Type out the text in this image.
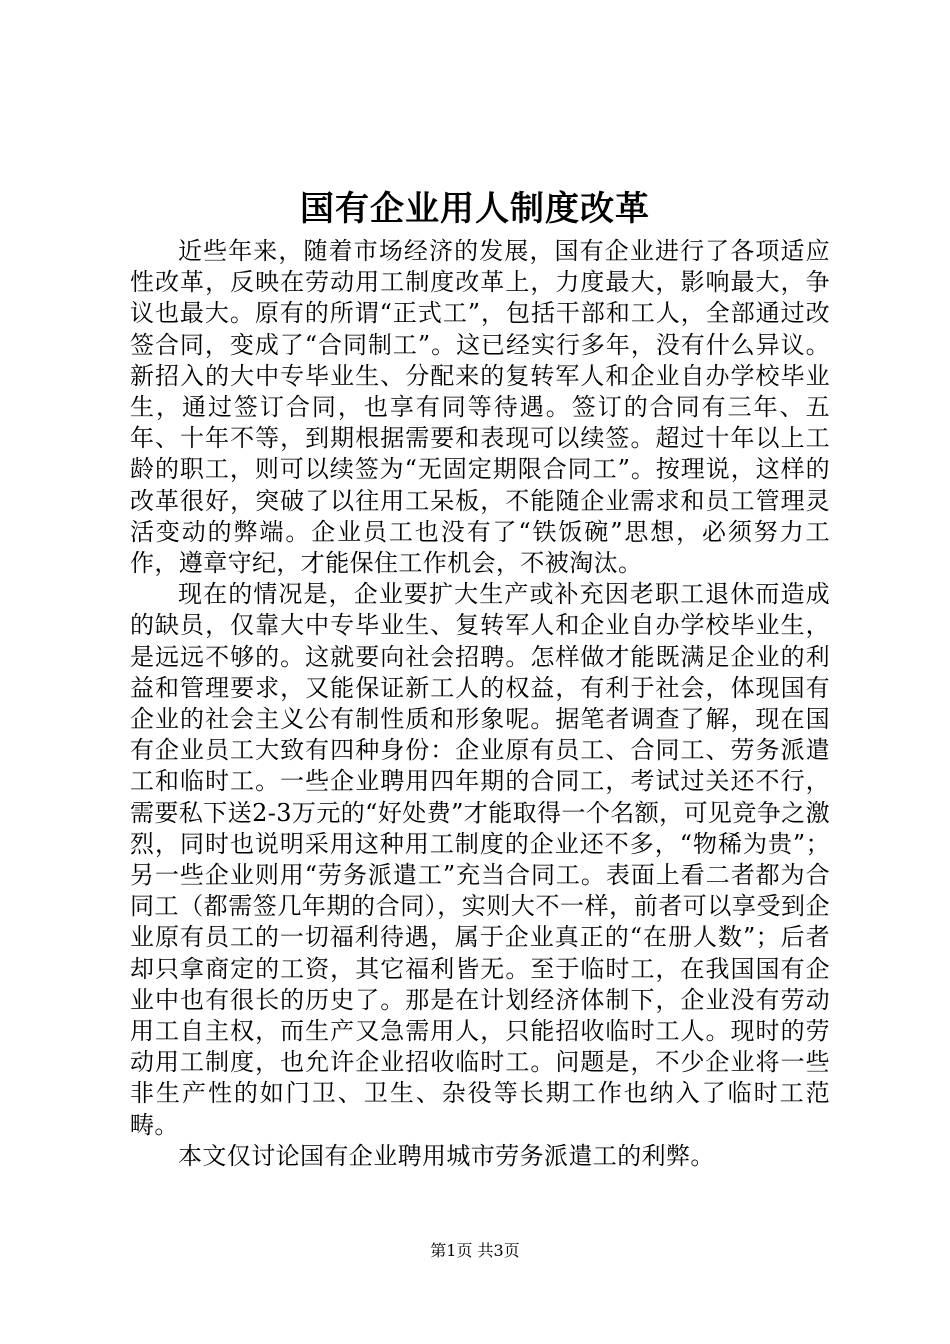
国有企业用人制度改革

近些年来，随着市场经济的发展，国有企业进行了各项适应性改革，反映在劳动用工制度改革上，力度最大，影响最大，争议也最大。原有的所谓“正式工”，包括干部和工人，全部通过改签合同，变成了“合同制工”。这已经实行多年，没有什么异议。新招入的大中专毕业生、分配来的复转军人和企业自办学校毕业生，通过签订合同，也享有同等待遇。签订的合同有三年、五年、十年不等，到期根据需要和表现可以续签。超过十年以上工龄的职工，则可以续签为“无固定期限合同工”。按理说，这样的改革很好，突破了以往用工呆板，不能随企业需求和员工管理灵活变动的弊端。企业员工也没有了“铁饭碗”思想，必须努力工作，遵章守纪，才能保住工作机会，不被淘汰。

现在的情况是，企业要扩大生产或补充因老职工退休而造成的缺员，仅靠大中专毕业生、复转军人和企业自办学校毕业生，是远远不够的。这就要向社会招聘。怎样做才能既满足企业的利益和管理要求，又能保证新工人的权益，有利于社会，体现国有企业的社会主义公有制性质和形象呢。据笔者调查了解，现在国有企业员工大致有四种身份：企业原有员工、合同工、劳务派遣工和临时工。一些企业聘用四年期的合同工，考试过关还不行，需要私下送2-3万元的“好处费”才能取得一个名额，可见竞争之激烈，同时也说明采用这种用工制度的企业还不多，“物稀为贵”；另一些企业则用“劳务派遣工”充当合同工。表面上看二者都为合同工（都需签几年期的合同），实则大不一样，前者可以享受到企业原有员工的一切福利待遇，属于企业真正的“在册人数”；后者却只拿商定的工资，其它福利皆无。至于临时工，在我国国有企业中也有很长的历史了。那是在计划经济体制下，企业没有劳动用工自主权，而生产又急需用人，只能招收临时工人。现时的劳动用工制度，也允许企业招收临时工。问题是，不少企业将一些非生产性的如门卫、卫生、杂役等长期工作也纳入了临时工范畴。

本文仅讨论国有企业聘用城市劳务派遣工的利弊。

第1页 共3页
